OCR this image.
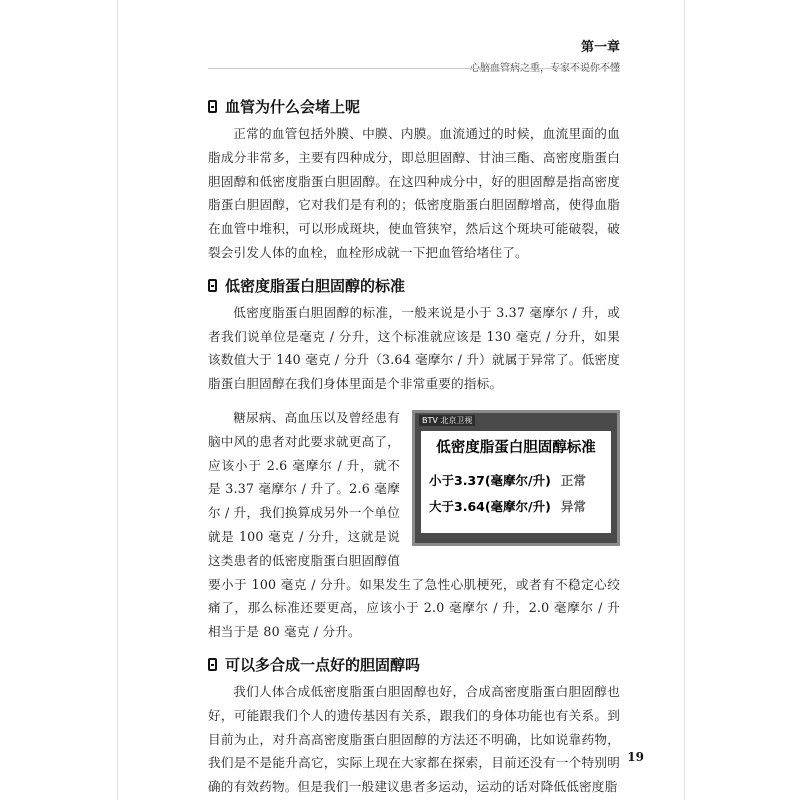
第一章
心脑血管病之重，专家不说你不懂
血管为什么会堵上呢

正常的血管包括外膜、中膜、内膜。血流通过的时候，血流里面的血脂成分非常多，主要有四种成分，即总胆固醇、甘油三酯、高密度脂蛋白胆固醇和低密度脂蛋白胆固醇。在这四种成分中，好的胆固醇是指高密度脂蛋白胆固醇，它对我们是有利的；低密度脂蛋白胆固醇增高，使得血脂在血管中堆积，可以形成斑块，使血管狭窄，然后这个斑块可能破裂，破裂会引发人体的血栓，血栓形成就一下把血管给堵住了。

低密度脂蛋白胆固醇的标准

低密度脂蛋白胆固醇的标准，一般来说是小于 3.37 毫摩尔 / 升，或者我们说单位是毫克 / 分升，这个标准就应该是 130 毫克 / 分升，如果该数值大于 140 毫克 / 分升（3.64 毫摩尔 / 升）就属于异常了。低密度脂蛋白胆固醇在我们身体里面是个非常重要的指标。

BTV 北京卫视
低密度脂蛋白胆固醇标准
小于3.37(毫摩尔/升) 正常
大于3.64(毫摩尔/升) 异常

糖尿病、高血压以及曾经患有脑中风的患者对此要求就更高了，应该小于 2.6 毫摩尔 / 升，就不是 3.37 毫摩尔 / 升了。2.6 毫摩尔 / 升，我们换算成另外一个单位就是 100 毫克 / 分升，这就是说这类患者的低密度脂蛋白胆固醇值要小于 100 毫克 / 分升。如果发生了急性心肌梗死，或者有不稳定心绞痛了，那么标准还要更高，应该小于 2.0 毫摩尔 / 升，2.0 毫摩尔 / 升相当于是 80 毫克 / 分升。

可以多合成一点好的胆固醇吗

我们人体合成低密度脂蛋白胆固醇也好，合成高密度脂蛋白胆固醇也好，可能跟我们个人的遗传基因有关系，跟我们的身体功能也有关系。到目前为止，对升高高密度脂蛋白胆固醇的方法还不明确，比如说靠药物，我们是不是能升高它，实际上现在大家都在探索，目前还没有一个特别明确的有效药物。但是我们一般建议患者多运动，运动的话对降低低密度脂

19
